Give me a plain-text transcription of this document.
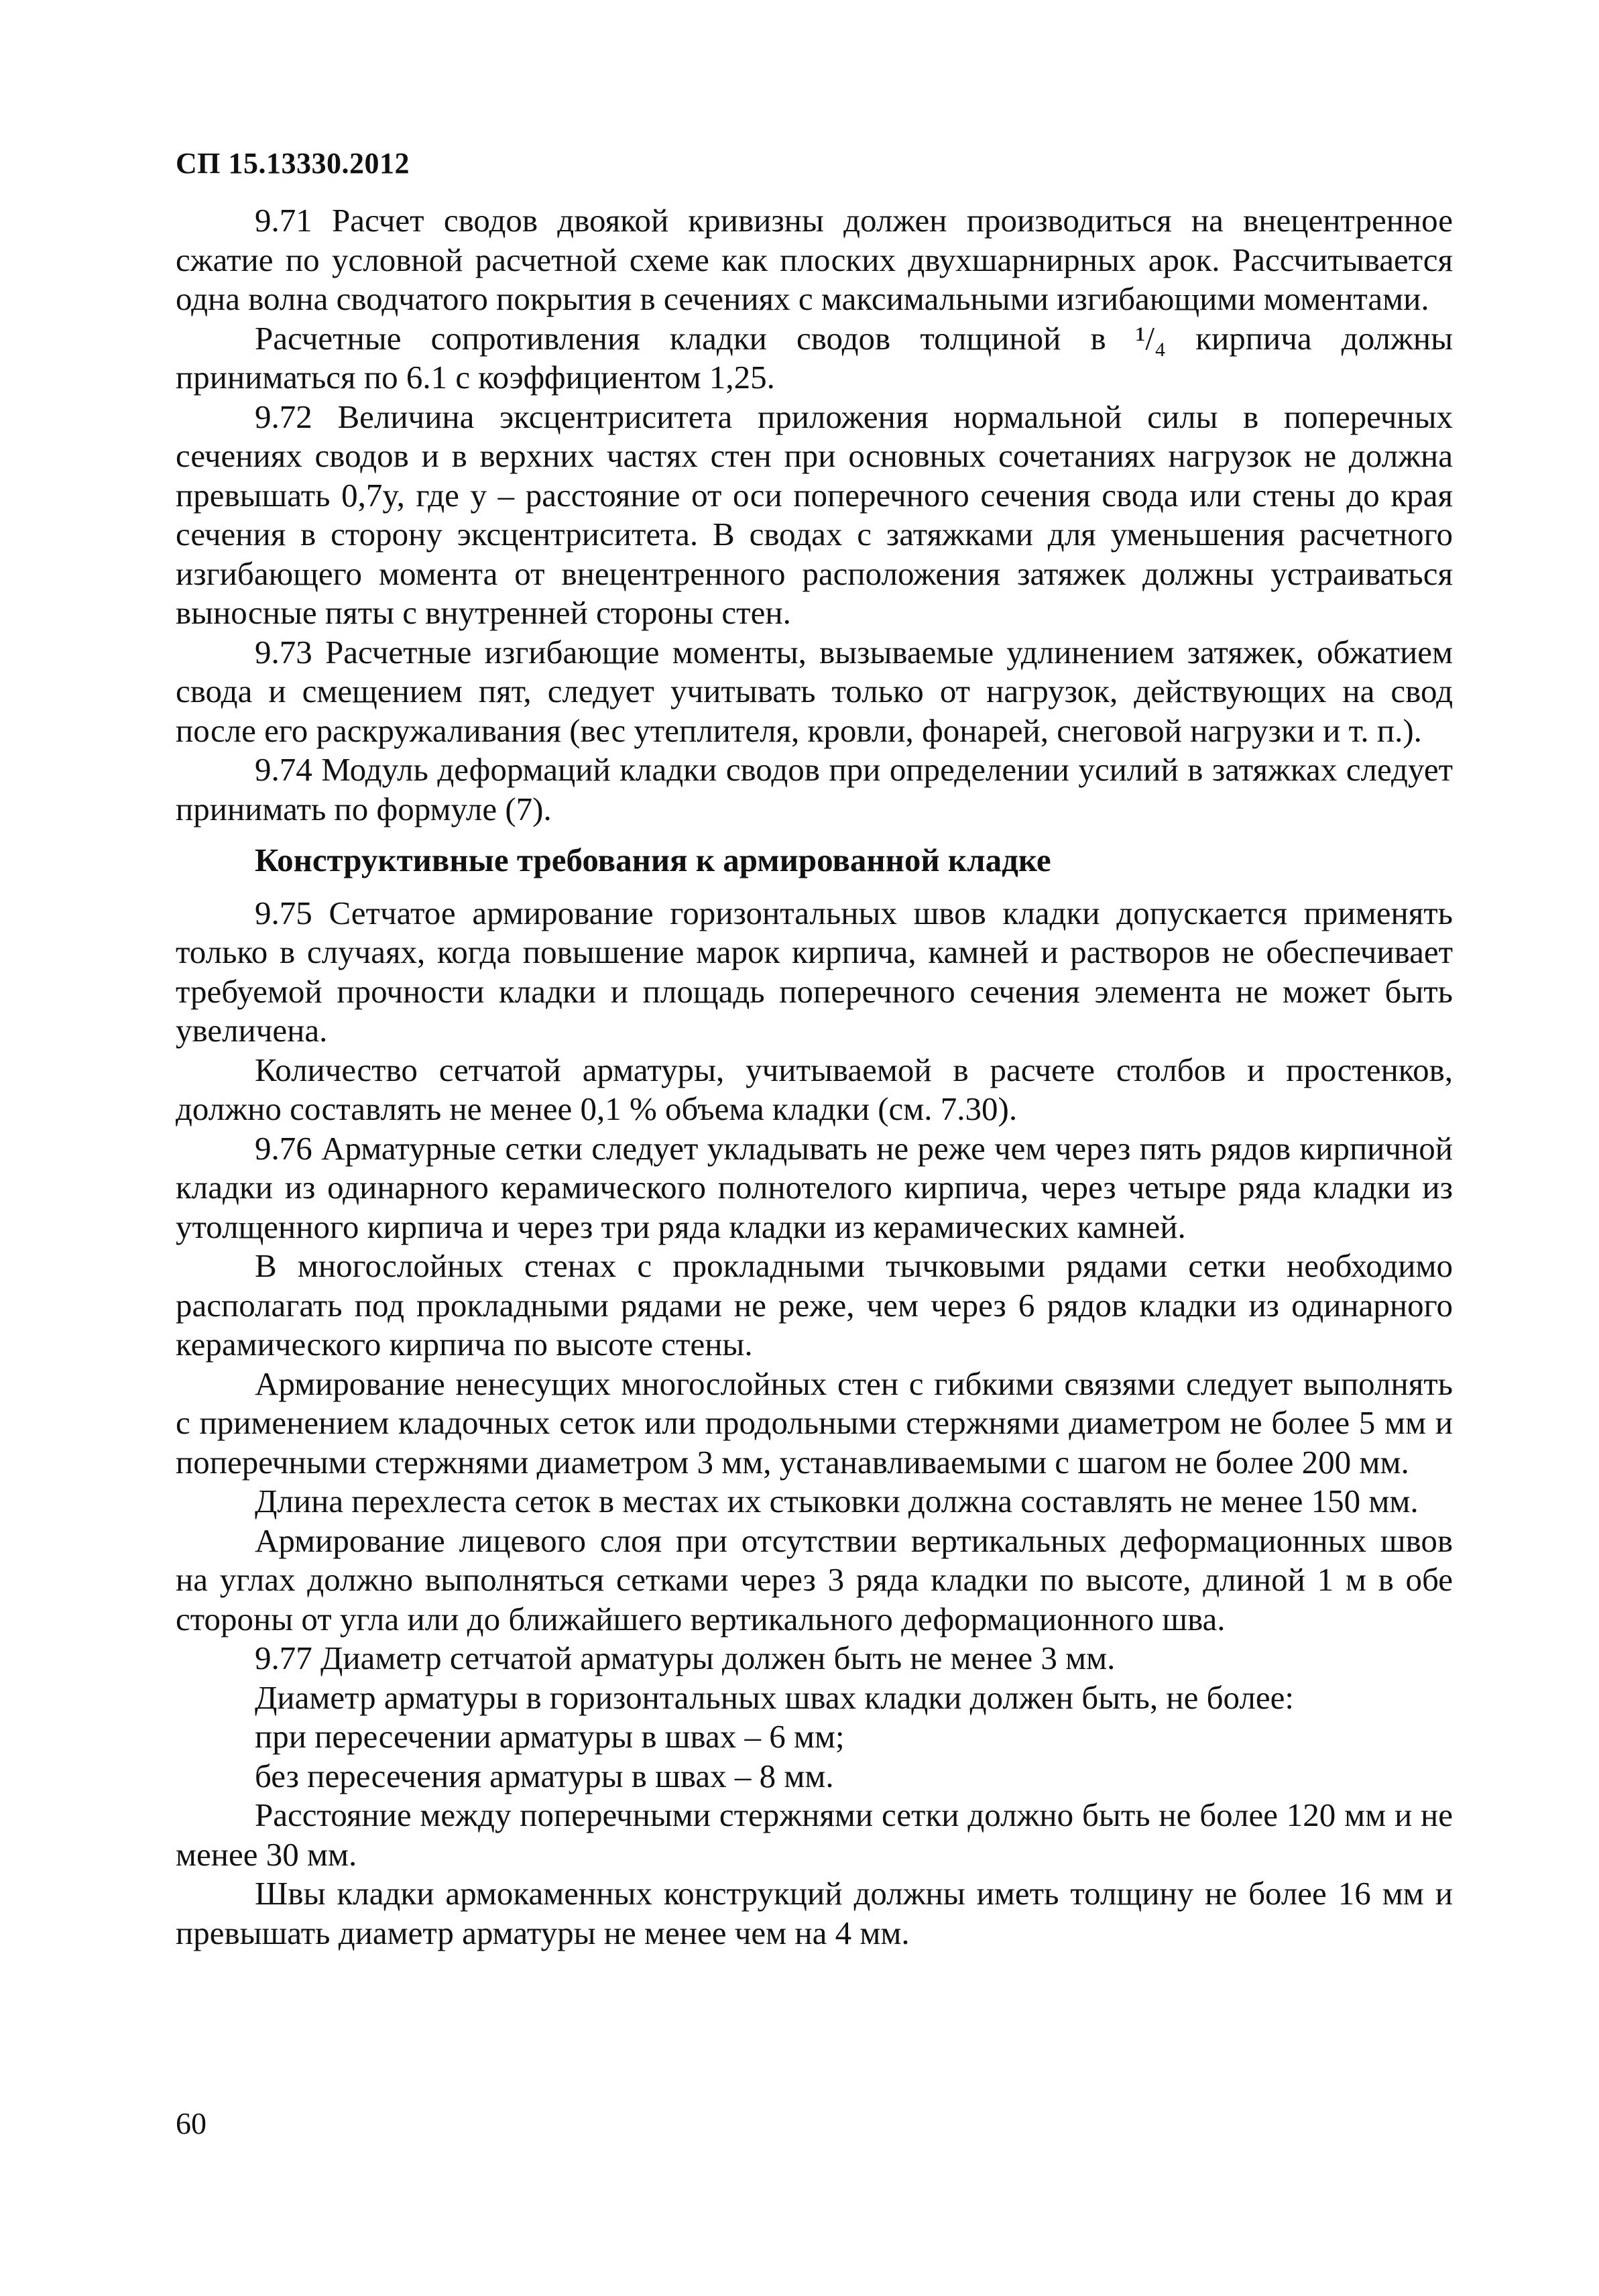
СП 15.13330.2012

9.71 Расчет сводов двоякой кривизны должен производиться на внецентренное сжатие по условной расчетной схеме как плоских двухшарнирных арок. Рассчитывается одна волна сводчатого покрытия в сечениях с максимальными изгибающими моментами.

Расчетные сопротивления кладки сводов толщиной в ¹/₄ кирпича должны приниматься по 6.1 с коэффициентом 1,25.

9.72 Величина эксцентриситета приложения нормальной силы в поперечных сечениях сводов и в верхних частях стен при основных сочетаниях нагрузок не должна превышать 0,7y, где y – расстояние от оси поперечного сечения свода или стены до края сечения в сторону эксцентриситета. В сводах с затяжками для уменьшения расчетного изгибающего момента от внецентренного расположения затяжек должны устраиваться выносные пяты с внутренней стороны стен.

9.73 Расчетные изгибающие моменты, вызываемые удлинением затяжек, обжатием свода и смещением пят, следует учитывать только от нагрузок, действующих на свод после его раскружаливания (вес утеплителя, кровли, фонарей, снеговой нагрузки и т. п.).

9.74 Модуль деформаций кладки сводов при определении усилий в затяжках следует принимать по формуле (7).

Конструктивные требования к армированной кладке

9.75 Сетчатое армирование горизонтальных швов кладки допускается применять только в случаях, когда повышение марок кирпича, камней и растворов не обеспечивает требуемой прочности кладки и площадь поперечного сечения элемента не может быть увеличена.

Количество сетчатой арматуры, учитываемой в расчете столбов и простенков, должно составлять не менее 0,1 % объема кладки (см. 7.30).

9.76 Арматурные сетки следует укладывать не реже чем через пять рядов кирпичной кладки из одинарного керамического полнотелого кирпича, через четыре ряда кладки из утолщенного кирпича и через три ряда кладки из керамических камней.

В многослойных стенах с прокладными тычковыми рядами сетки необходимо располагать под прокладными рядами не реже, чем через 6 рядов кладки из одинарного керамического кирпича по высоте стены.

Армирование ненесущих многослойных стен с гибкими связями следует выполнять с применением кладочных сеток или продольными стержнями диаметром не более 5 мм и поперечными стержнями диаметром 3 мм, устанавливаемыми с шагом не более 200 мм.

Длина перехлеста сеток в местах их стыковки должна составлять не менее 150 мм.

Армирование лицевого слоя при отсутствии вертикальных деформационных швов на углах должно выполняться сетками через 3 ряда кладки по высоте, длиной 1 м в обе стороны от угла или до ближайшего вертикального деформационного шва.

9.77 Диаметр сетчатой арматуры должен быть не менее 3 мм.

Диаметр арматуры в горизонтальных швах кладки должен быть, не более:

при пересечении арматуры в швах – 6 мм;

без пересечения арматуры в швах – 8 мм.

Расстояние между поперечными стержнями сетки должно быть не более 120 мм и не менее 30 мм.

Швы кладки армокаменных конструкций должны иметь толщину не более 16 мм и превышать диаметр арматуры не менее чем на 4 мм.

60
